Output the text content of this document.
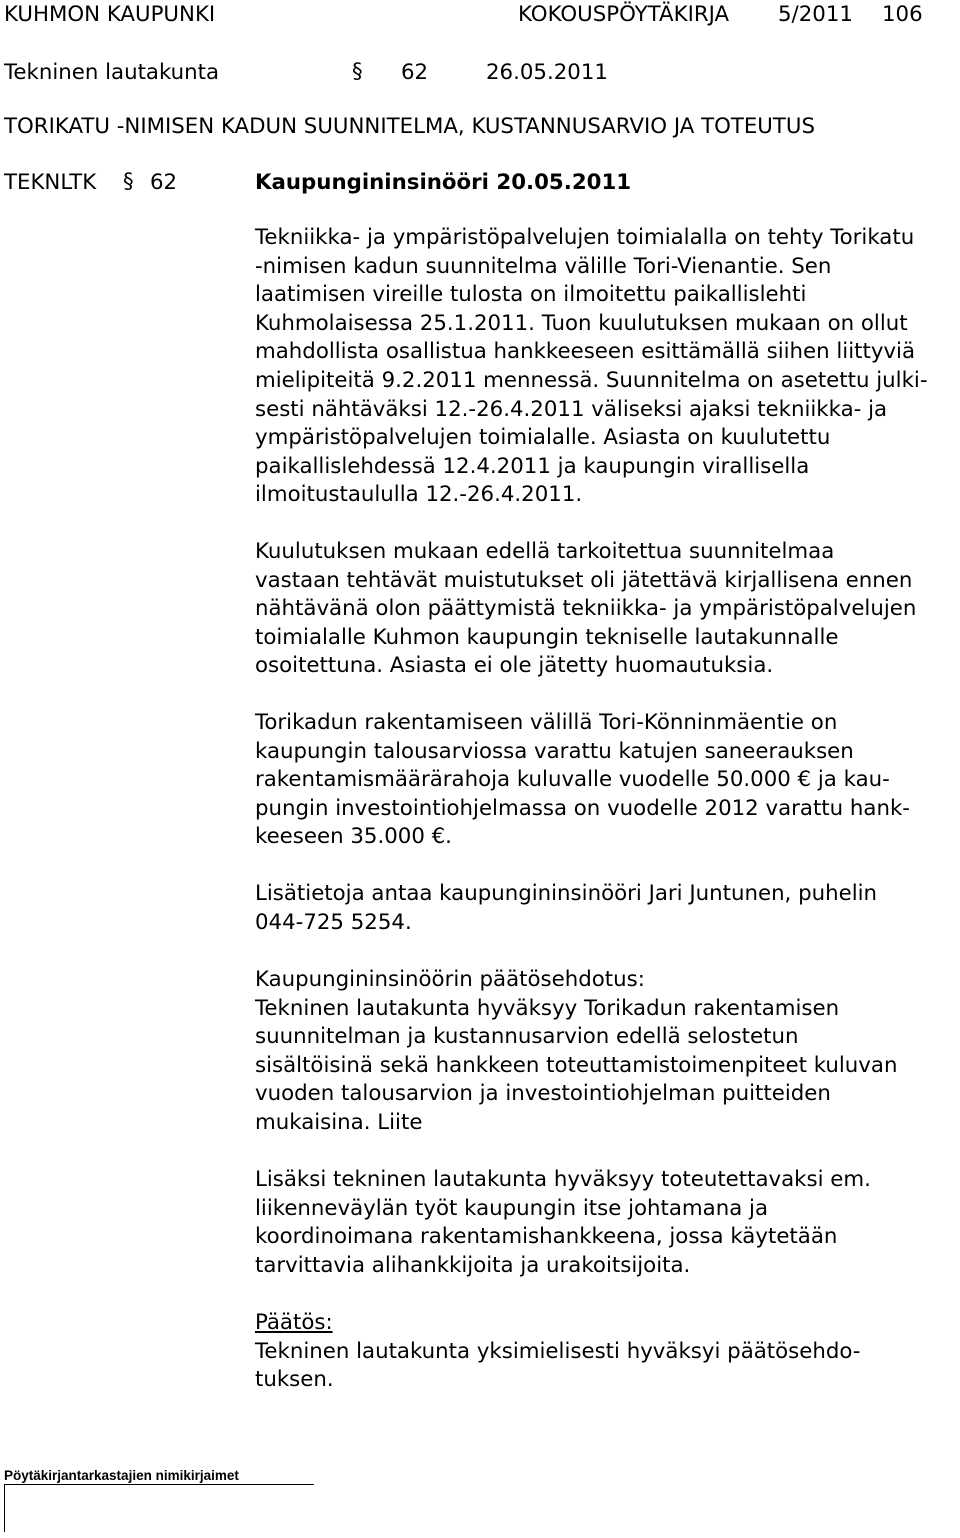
KUHMON KAUPUNKI	KOKOUSPÖYTÄKIRJA 5/2011 106
Tekninen lautakunta	§ 62	26.05.2011
TORIKATU -NIMISEN KADUN SUUNNITELMA, KUSTANNUSARVIO JA TOTEUTUS
TEKNLTK § 62	Kaupungininsinööri 20.05.2011
Tekniikka- ja ympäristöpalvelujen toimialalla on tehty Torikatu
-nimisen kadun suunnitelma välille Tori-Vienantie. Sen
laatimisen vireille tulosta on ilmoitettu paikallislehti
Kuhmolaisessa 25.1.2011. Tuon kuulutuksen mukaan on ollut
mahdollista osallistua hankkeeseen esittämällä siihen liittyviä
mielipiteitä 9.2.2011 mennessä. Suunnitelma on asetettu julki-
sesti nähtäväksi 12.-26.4.2011 väliseksi ajaksi tekniikka- ja
ympäristöpalvelujen toimialalle. Asiasta on kuulutettu
paikallislehdessä 12.4.2011 ja kaupungin virallisella
ilmoitustaululla 12.-26.4.2011.
Kuulutuksen mukaan edellä tarkoitettua suunnitelmaa
vastaan tehtävät muistutukset oli jätettävä kirjallisena ennen
nähtävänä olon päättymistä tekniikka- ja ympäristöpalvelujen
toimialalle Kuhmon kaupungin tekniselle lautakunnalle
osoitettuna. Asiasta ei ole jätetty huomautuksia.
Torikadun rakentamiseen välillä Tori-Könninmäentie on
kaupungin talousarviossa varattu katujen saneerauksen
rakentamismäärärahoja kuluvalle vuodelle 50.000 € ja kau-
pungin investointiohjelmassa on vuodelle 2012 varattu hank-
keeseen 35.000 €.
Lisätietoja antaa kaupungininsinööri Jari Juntunen, puhelin
044-725 5254.
Kaupungininsinöörin päätösehdotus:
Tekninen lautakunta hyväksyy Torikadun rakentamisen
suunnitelman ja kustannusarvion edellä selostetun
sisältöisinä sekä hankkeen toteuttamistoimenpiteet kuluvan
vuoden talousarvion ja investointiohjelman puitteiden
mukaisina. Liite
Lisäksi tekninen lautakunta hyväksyy toteutettavaksi em.
liikenneväylän työt kaupungin itse johtamana ja
koordinoimana rakentamishankkeena, jossa käytetään
tarvittavia alihankkijoita ja urakoitsijoita.
Päätös:
Tekninen lautakunta yksimielisesti hyväksyi päätösehdo-
tuksen.
Pöytäkirjantarkastajien nimikirjaimet
